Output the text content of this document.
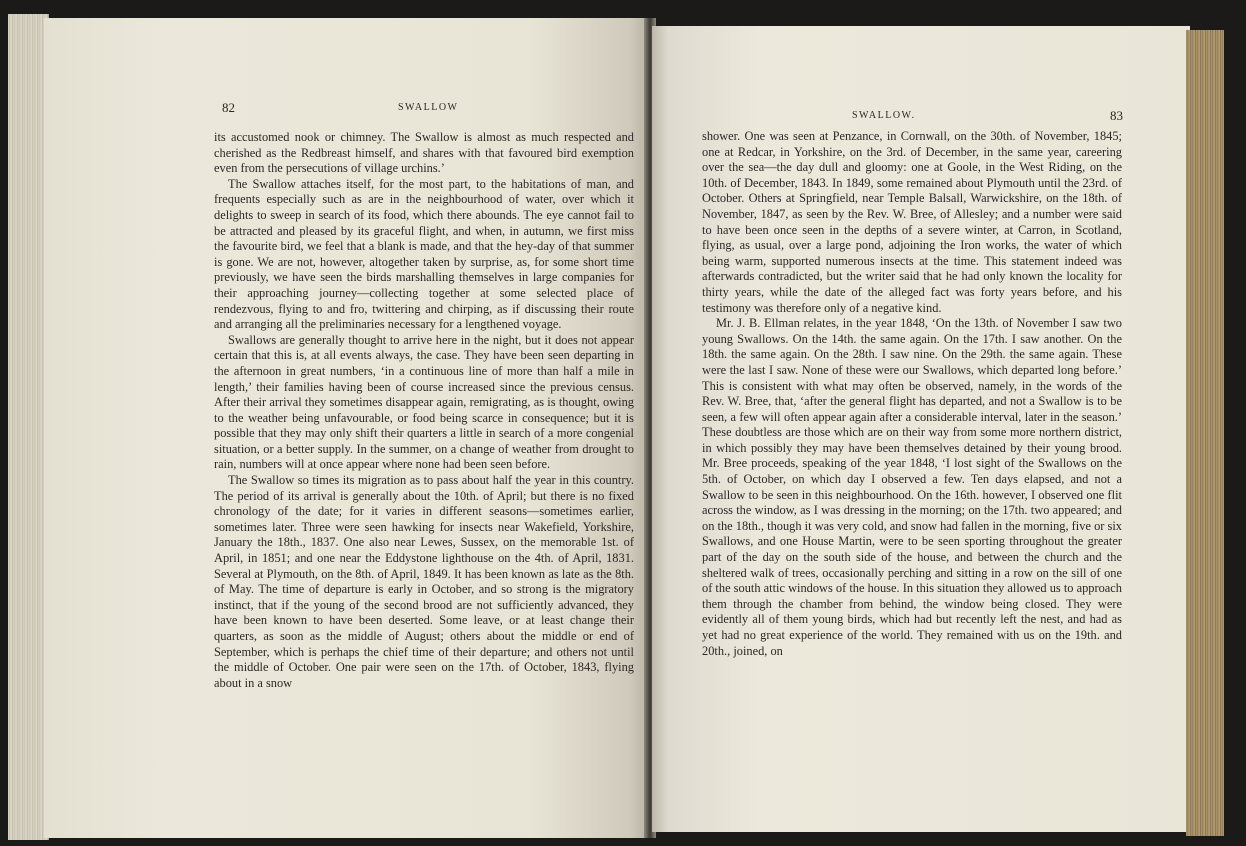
82	SWALLOW

its accustomed nook or chimney. The Swallow is almost as much respected and cherished as the Redbreast himself, and shares with that favoured bird exemption even from the persecutions of village urchins.’

The Swallow attaches itself, for the most part, to the habitations of man, and frequents especially such as are in the neighbourhood of water, over which it delights to sweep in search of its food, which there abounds. The eye cannot fail to be attracted and pleased by its graceful flight, and when, in autumn, we first miss the favourite bird, we feel that a blank is made, and that the hey-day of that summer is gone. We are not, however, altogether taken by surprise, as, for some short time previously, we have seen the birds marshalling themselves in large companies for their approaching journey—collecting together at some selected place of rendezvous, flying to and fro, twittering and chirping, as if discussing their route and arranging all the preliminaries necessary for a lengthened voyage.

Swallows are generally thought to arrive here in the night, but it does not appear certain that this is, at all events always, the case. They have been seen departing in the afternoon in great numbers, ‘in a continuous line of more than half a mile in length,’ their families having been of course increased since the previous census. After their arrival they sometimes disappear again, remigrating, as is thought, owing to the weather being unfavourable, or food being scarce in consequence; but it is possible that they may only shift their quarters a little in search of a more congenial situation, or a better supply. In the summer, on a change of weather from drought to rain, numbers will at once appear where none had been seen before.

The Swallow so times its migration as to pass about half the year in this country. The period of its arrival is generally about the 10th. of April; but there is no fixed chronology of the date; for it varies in different seasons—sometimes earlier, sometimes later. Three were seen hawking for insects near Wakefield, Yorkshire, January the 18th., 1837. One also near Lewes, Sussex, on the memorable 1st. of April, in 1851; and one near the Eddystone lighthouse on the 4th. of April, 1831. Several at Plymouth, on the 8th. of April, 1849. It has been known as late as the 8th. of May. The time of departure is early in October, and so strong is the migratory instinct, that if the young of the second brood are not sufficiently advanced, they have been known to have been deserted. Some leave, or at least change their quarters, as soon as the middle of August; others about the middle or end of September, which is perhaps the chief time of their departure; and others not until the middle of October. One pair were seen on the 17th. of October, 1843, flying about in a snow

SWALLOW.	83

shower. One was seen at Penzance, in Cornwall, on the 30th. of November, 1845; one at Redcar, in Yorkshire, on the 3rd. of December, in the same year, careering over the sea—the day dull and gloomy: one at Goole, in the West Riding, on the 10th. of December, 1843. In 1849, some remained about Plymouth until the 23rd. of October. Others at Springfield, near Temple Balsall, Warwickshire, on the 18th. of November, 1847, as seen by the Rev. W. Bree, of Allesley; and a number were said to have been once seen in the depths of a severe winter, at Carron, in Scotland, flying, as usual, over a large pond, adjoining the Iron works, the water of which being warm, supported numerous insects at the time. This statement indeed was afterwards contradicted, but the writer said that he had only known the locality for thirty years, while the date of the alleged fact was forty years before, and his testimony was therefore only of a negative kind.

Mr. J. B. Ellman relates, in the year 1848, ‘On the 13th. of November I saw two young Swallows. On the 14th. the same again. On the 17th. I saw another. On the 18th. the same again. On the 28th. I saw nine. On the 29th. the same again. These were the last I saw. None of these were our Swallows, which departed long before.’ This is consistent with what may often be observed, namely, in the words of the Rev. W. Bree, that, ‘after the general flight has departed, and not a Swallow is to be seen, a few will often appear again after a considerable interval, later in the season.’ These doubtless are those which are on their way from some more northern district, in which possibly they may have been themselves detained by their young brood. Mr. Bree proceeds, speaking of the year 1848, ‘I lost sight of the Swallows on the 5th. of October, on which day I observed a few. Ten days elapsed, and not a Swallow to be seen in this neighbourhood. On the 16th. however, I observed one flit across the window, as I was dressing in the morning; on the 17th. two appeared; and on the 18th., though it was very cold, and snow had fallen in the morning, five or six Swallows, and one House Martin, were to be seen sporting throughout the greater part of the day on the south side of the house, and between the church and the sheltered walk of trees, occasionally perching and sitting in a row on the sill of one of the south attic windows of the house. In this situation they allowed us to approach them through the chamber from behind, the window being closed. They were evidently all of them young birds, which had but recently left the nest, and had as yet had no great experience of the world. They remained with us on the 19th. and 20th., joined, on
